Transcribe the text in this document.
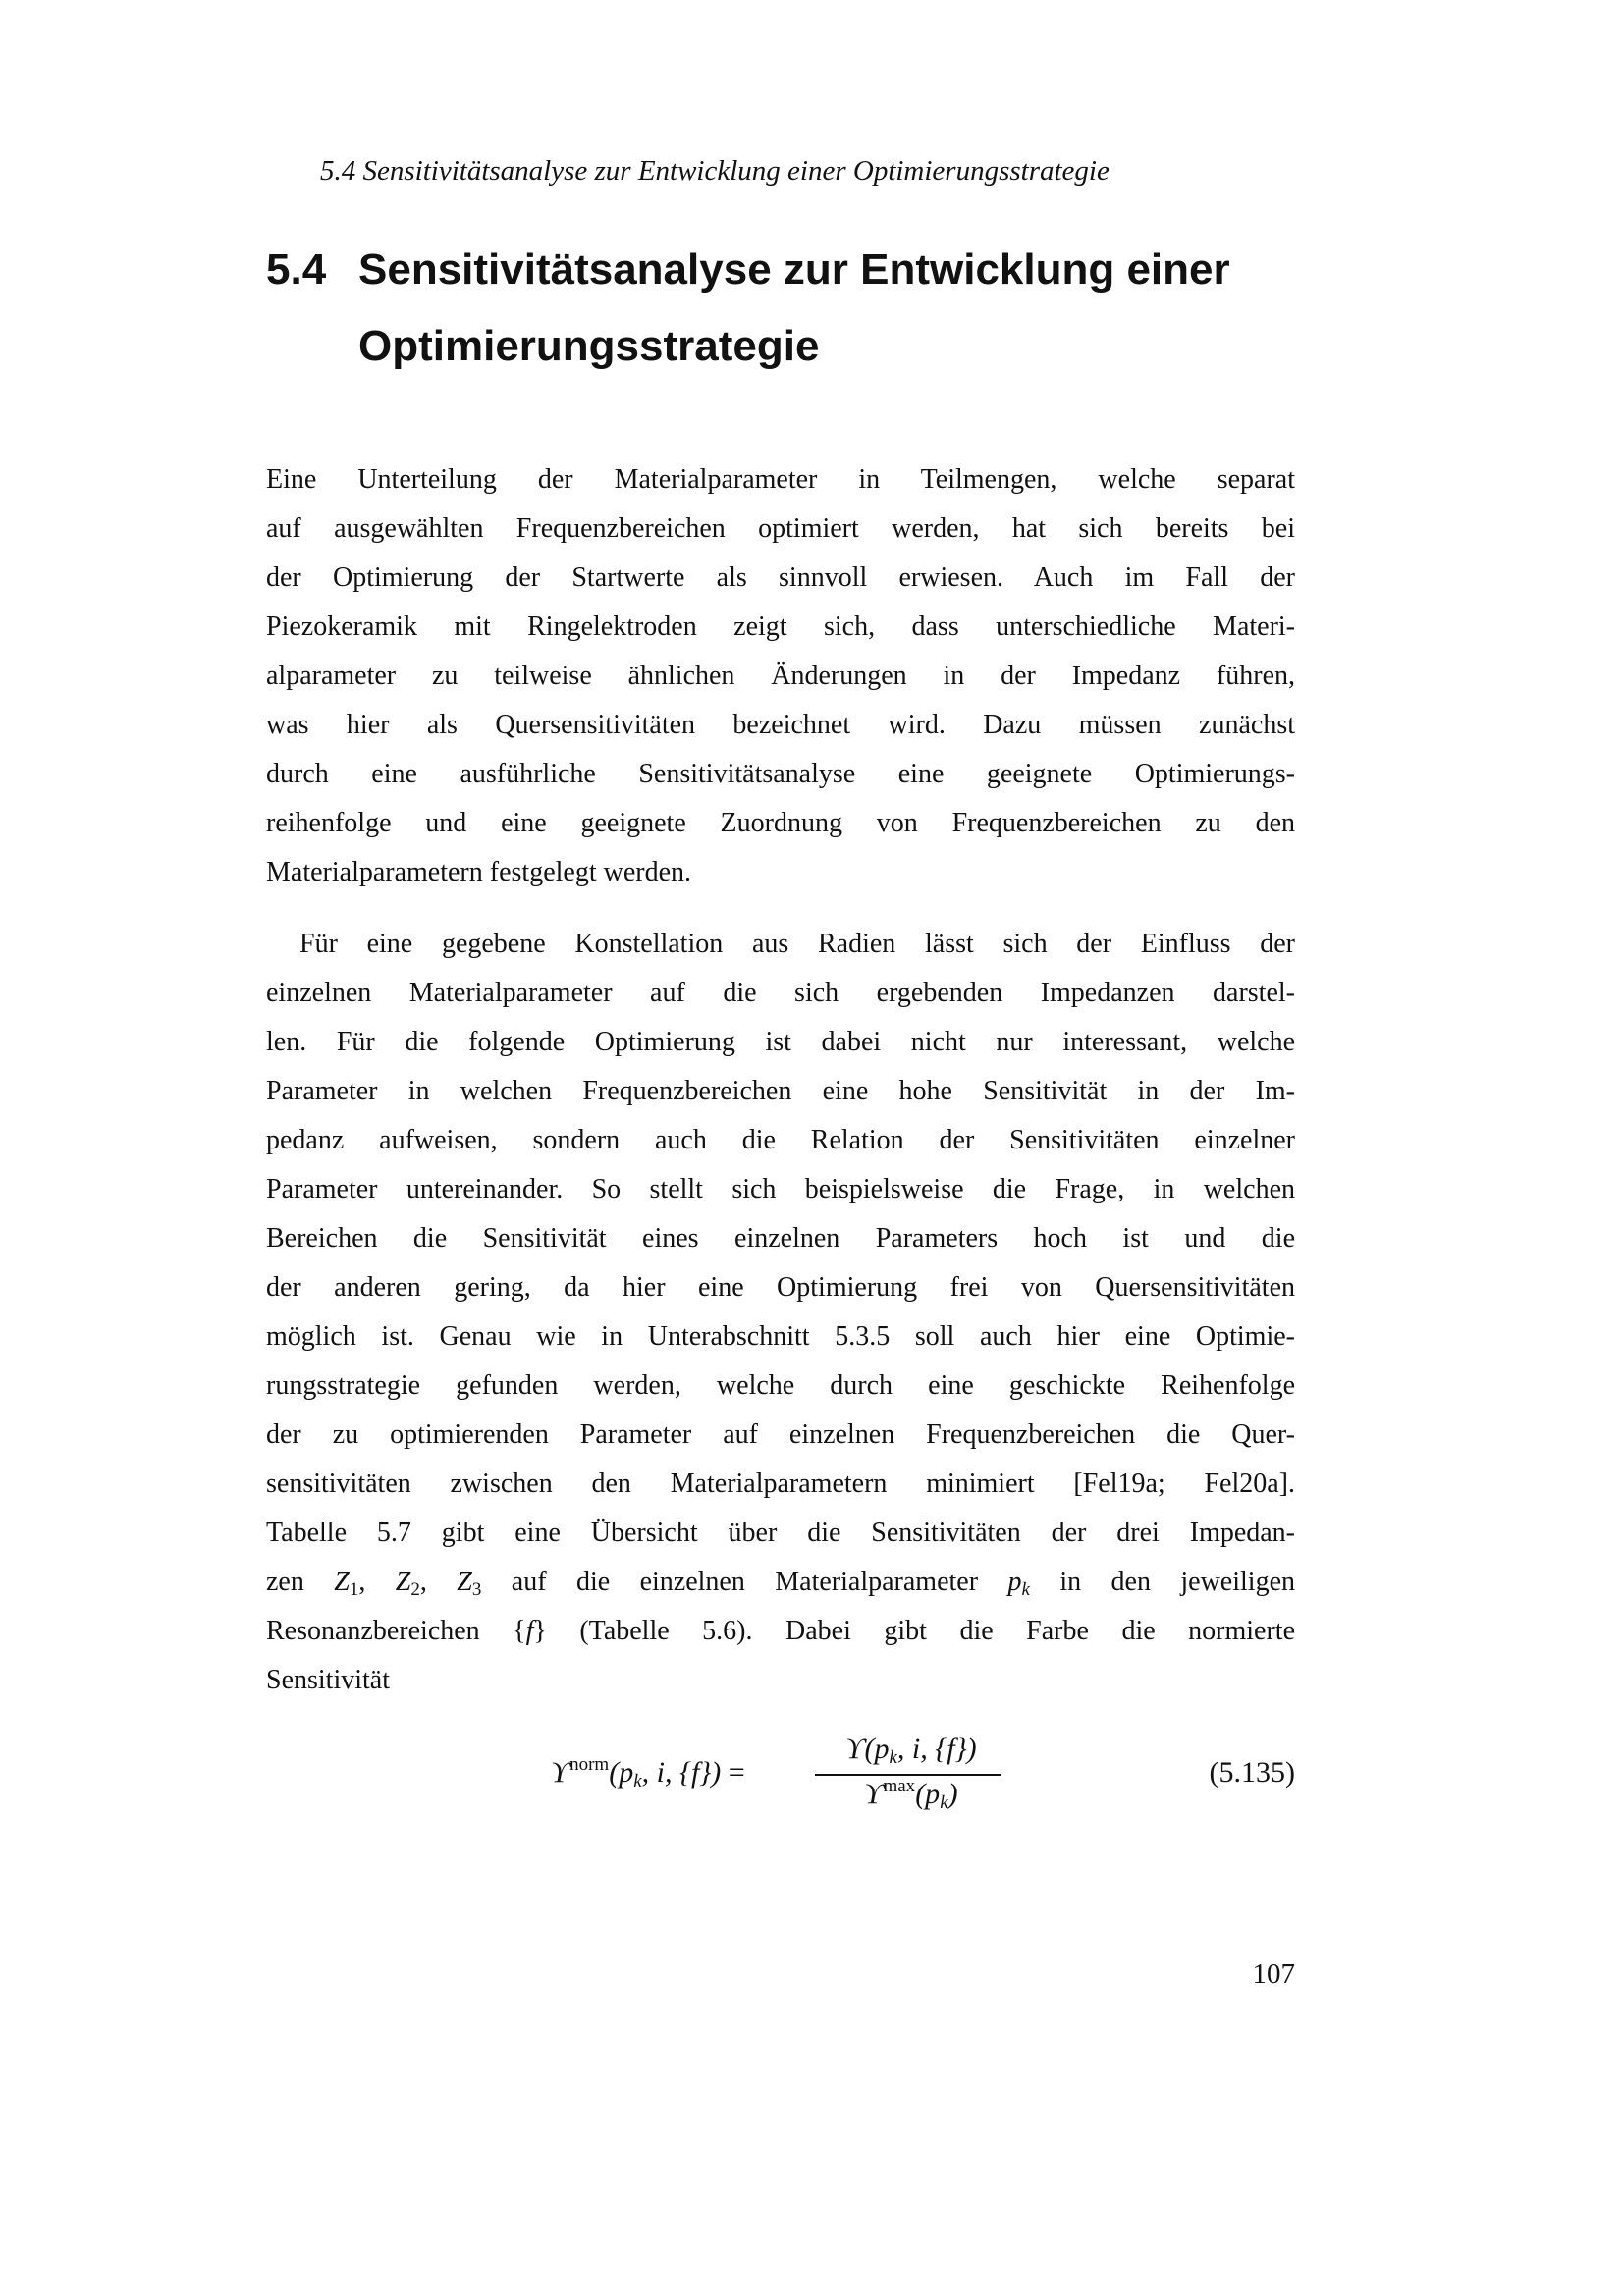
5.4 Sensitivitätsanalyse zur Entwicklung einer Optimierungsstrategie
5.4 Sensitivitätsanalyse zur Entwicklung einer
Optimierungsstrategie
Eine Unterteilung der Materialparameter in Teilmengen, welche separat
auf ausgewählten Frequenzbereichen optimiert werden, hat sich bereits bei
der Optimierung der Startwerte als sinnvoll erwiesen. Auch im Fall der
Piezokeramik mit Ringelektroden zeigt sich, dass unterschiedliche Materi-
alparameter zu teilweise ähnlichen Änderungen in der Impedanz führen,
was hier als Quersensitivitäten bezeichnet wird. Dazu müssen zunächst
durch eine ausführliche Sensitivitätsanalyse eine geeignete Optimierungs-
reihenfolge und eine geeignete Zuordnung von Frequenzbereichen zu den
Materialparametern festgelegt werden.
Für eine gegebene Konstellation aus Radien lässt sich der Einfluss der
einzelnen Materialparameter auf die sich ergebenden Impedanzen darstel-
len. Für die folgende Optimierung ist dabei nicht nur interessant, welche
Parameter in welchen Frequenzbereichen eine hohe Sensitivität in der Im-
pedanz aufweisen, sondern auch die Relation der Sensitivitäten einzelner
Parameter untereinander. So stellt sich beispielsweise die Frage, in welchen
Bereichen die Sensitivität eines einzelnen Parameters hoch ist und die
der anderen gering, da hier eine Optimierung frei von Quersensitivitäten
möglich ist. Genau wie in Unterabschnitt 5.3.5 soll auch hier eine Optimie-
rungsstrategie gefunden werden, welche durch eine geschickte Reihenfolge
der zu optimierenden Parameter auf einzelnen Frequenzbereichen die Quer-
sensitivitäten zwischen den Materialparametern minimiert [Fel19a; Fel20a].
Tabelle 5.7 gibt eine Übersicht über die Sensitivitäten der drei Impedan-
zen $Z_1$, $Z_2$, $Z_3$ auf die einzelnen Materialparameter $p_k$ in den jeweiligen
Resonanzbereichen {f} (Tabelle 5.6). Dabei gibt die Farbe die normierte
Sensitivität
$ϒ^{norm}(p_k$, i, {f}) =
$ϒ(p_k$, i, {f})
$ϒ^{max}(p_k)$
(5.135)
107
